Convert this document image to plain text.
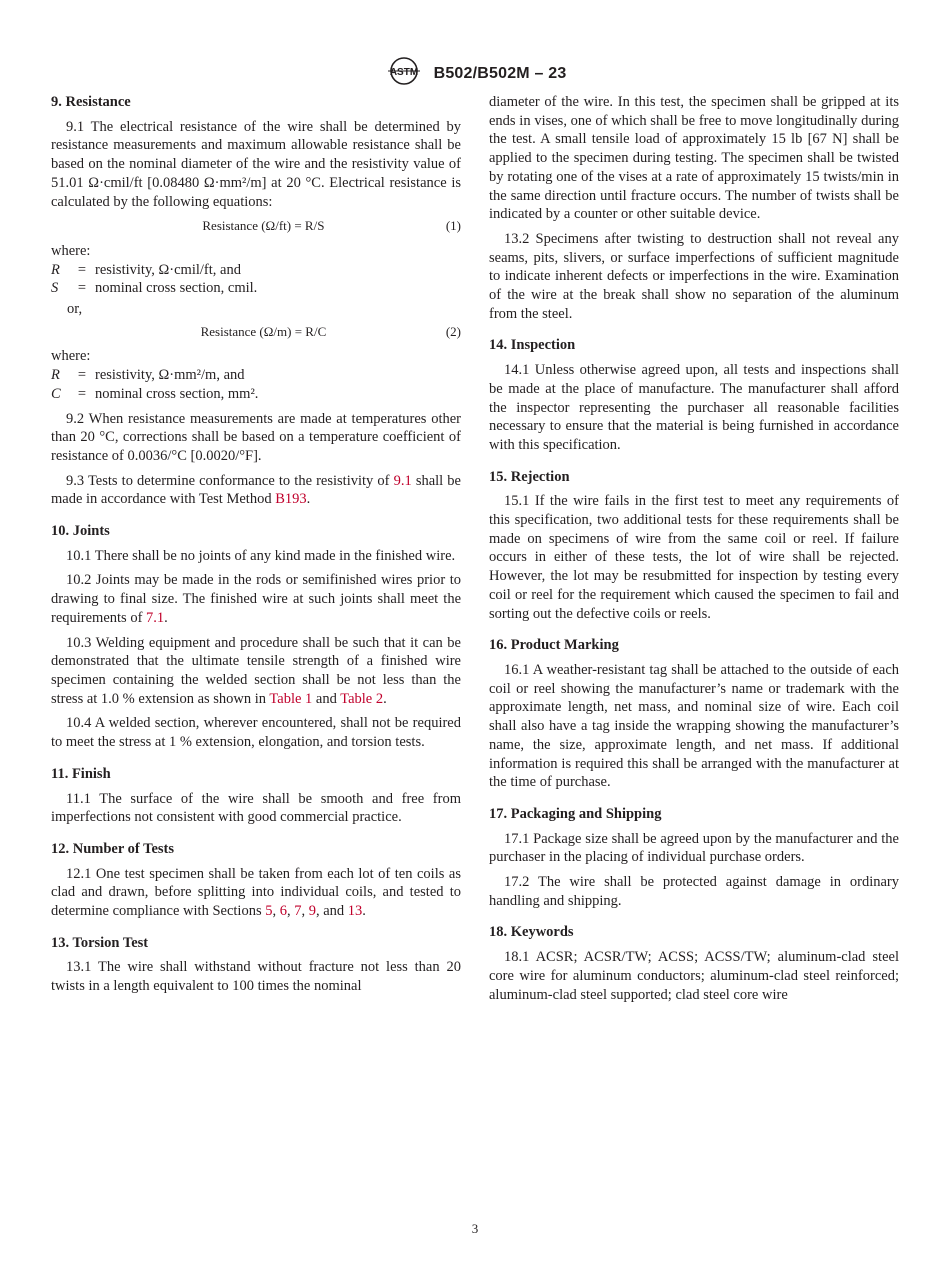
ASTM B502/B502M – 23
9. Resistance

9.1 The electrical resistance of the wire shall be determined by resistance measurements and maximum allowable resistance shall be based on the nominal diameter of the wire and the resistivity value of 51.01 Ω·cmil/ft [0.08480 Ω·mm²/m] at 20 °C. Electrical resistance is calculated by the following equations:

Resistance (Ω/ft) = R/S	(1)

where:

R	= resistivity, Ω·cmil/ft, and
S	= nominal cross section, cmil.
or,
Resistance (Ω/m) = R/C	(2)

where:

R	= resistivity, Ω·mm²/m, and
C	= nominal cross section, mm².

9.2 When resistance measurements are made at temperatures other than 20 °C, corrections shall be based on a temperature coefficient of resistance of 0.0036/°C [0.0020/°F].

9.3 Tests to determine conformance to the resistivity of 9.1 shall be made in accordance with Test Method B193.

10. Joints

10.1 There shall be no joints of any kind made in the finished wire.

10.2 Joints may be made in the rods or semifinished wires prior to drawing to final size. The finished wire at such joints shall meet the requirements of 7.1.

10.3 Welding equipment and procedure shall be such that it can be demonstrated that the ultimate tensile strength of a finished wire specimen containing the welded section shall be not less than the stress at 1.0 % extension as shown in Table 1 and Table 2.

10.4 A welded section, wherever encountered, shall not be required to meet the stress at 1 % extension, elongation, and torsion tests.

11. Finish

11.1 The surface of the wire shall be smooth and free from imperfections not consistent with good commercial practice.

12. Number of Tests

12.1 One test specimen shall be taken from each lot of ten coils as clad and drawn, before splitting into individual coils, and tested to determine compliance with Sections 5, 6, 7, 9, and 13.

13. Torsion Test

13.1 The wire shall withstand without fracture not less than 20 twists in a length equivalent to 100 times the nominal

diameter of the wire. In this test, the specimen shall be gripped at its ends in vises, one of which shall be free to move longitudinally during the test. A small tensile load of approximately 15 lb [67 N] shall be applied to the specimen during testing. The specimen shall be twisted by rotating one of the vises at a rate of approximately 15 twists/min in the same direction until fracture occurs. The number of twists shall be indicated by a counter or other suitable device.

13.2 Specimens after twisting to destruction shall not reveal any seams, pits, slivers, or surface imperfections of sufficient magnitude to indicate inherent defects or imperfections in the wire. Examination of the wire at the break shall show no separation of the aluminum from the steel.

14. Inspection

14.1 Unless otherwise agreed upon, all tests and inspections shall be made at the place of manufacture. The manufacturer shall afford the inspector representing the purchaser all reasonable facilities necessary to ensure that the material is being furnished in accordance with this specification.

15. Rejection

15.1 If the wire fails in the first test to meet any requirements of this specification, two additional tests for these requirements shall be made on specimens of wire from the same coil or reel. If failure occurs in either of these tests, the lot of wire shall be rejected. However, the lot may be resubmitted for inspection by testing every coil or reel for the requirement which caused the specimen to fail and sorting out the defective coils or reels.

16. Product Marking

16.1 A weather-resistant tag shall be attached to the outside of each coil or reel showing the manufacturer’s name or trademark with the approximate length, net mass, and nominal size of wire. Each coil shall also have a tag inside the wrapping showing the manufacturer’s name, the size, approximate length, and net mass. If additional information is required this shall be arranged with the manufacturer at the time of purchase.

17. Packaging and Shipping

17.1 Package size shall be agreed upon by the manufacturer and the purchaser in the placing of individual purchase orders.

17.2 The wire shall be protected against damage in ordinary handling and shipping.

18. Keywords

18.1 ACSR; ACSR/TW; ACSS; ACSS/TW; aluminum-clad steel core wire for aluminum conductors; aluminum-clad steel reinforced; aluminum-clad steel supported; clad steel core wire

3
